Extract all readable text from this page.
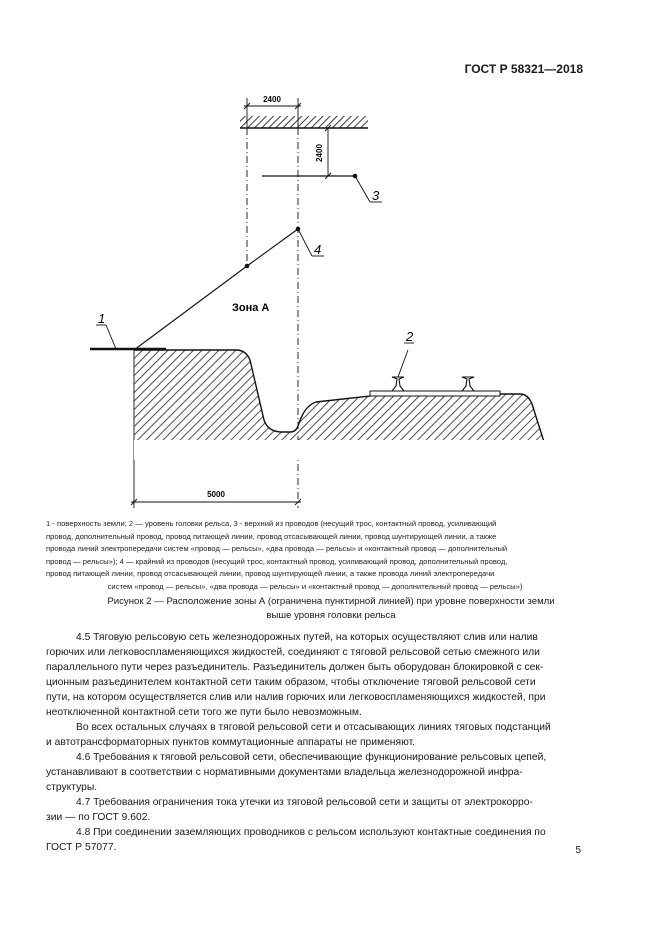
ГОСТ Р 58321—2018
2400
2400
5000
Зона А
1
2
3
4
1 - поверхность земли; 2 — уровень головки рельса, 3 - верхний из проводов (несущий трос, контактный провод, усиливающий
провод, дополнительный провод, провод питающей линии, провод отсасывающей линии, провод шунтирующей линии, а также
провода линий электропередачи систем «провод — рельсы», «два провода — рельсы» и «контактный провод — дополнительный
провод — рельсы»); 4 — крайний из проводов (несущий трос, контактный провод, усиливающий провод, дополнительный провод,
провод питающей линии, провод отсасывающей линии, провод шунтирующей линии, а также провода линий электропередачи
систем «провод — рельсы», «два провода — рельсы» и «контактный провод — дополнительный провод — рельсы»)
Рисунок 2 — Расположение зоны А (ограничена пунктирной линией) при уровне поверхности земли
выше уровня головки рельса
4.5 Тяговую рельсовую сеть железнодорожных путей, на которых осуществляют слив или налив
горючих или легковоспламеняющихся жидкостей, соединяют с тяговой рельсовой сетью смежного или
параллельного пути через разъединитель. Разъединитель должен быть оборудован блокировкой с сек-
ционным разъединителем контактной сети таким образом, чтобы отключение тяговой рельсовой сети
пути, на котором осуществляется слив или налив горючих или легковоспламеняющихся жидкостей, при
неотключенной контактной сети того же пути было невозможным.
Во всех остальных случаях в тяговой рельсовой сети и отсасывающих линиях тяговых подстанций
и автотрансформаторных пунктов коммутационные аппараты не применяют.
4.6 Требования к тяговой рельсовой сети, обеспечивающие функционирование рельсовых цепей,
устанавливают в соответствии с нормативными документами владельца железнодорожной инфра-
структуры.
4.7 Требования ограничения тока утечки из тяговой рельсовой сети и защиты от электрокорро-
зии — по ГОСТ 9.602.
4.8 При соединении заземляющих проводников с рельсом используют контактные соединения по
ГОСТ Р 57077.	5
